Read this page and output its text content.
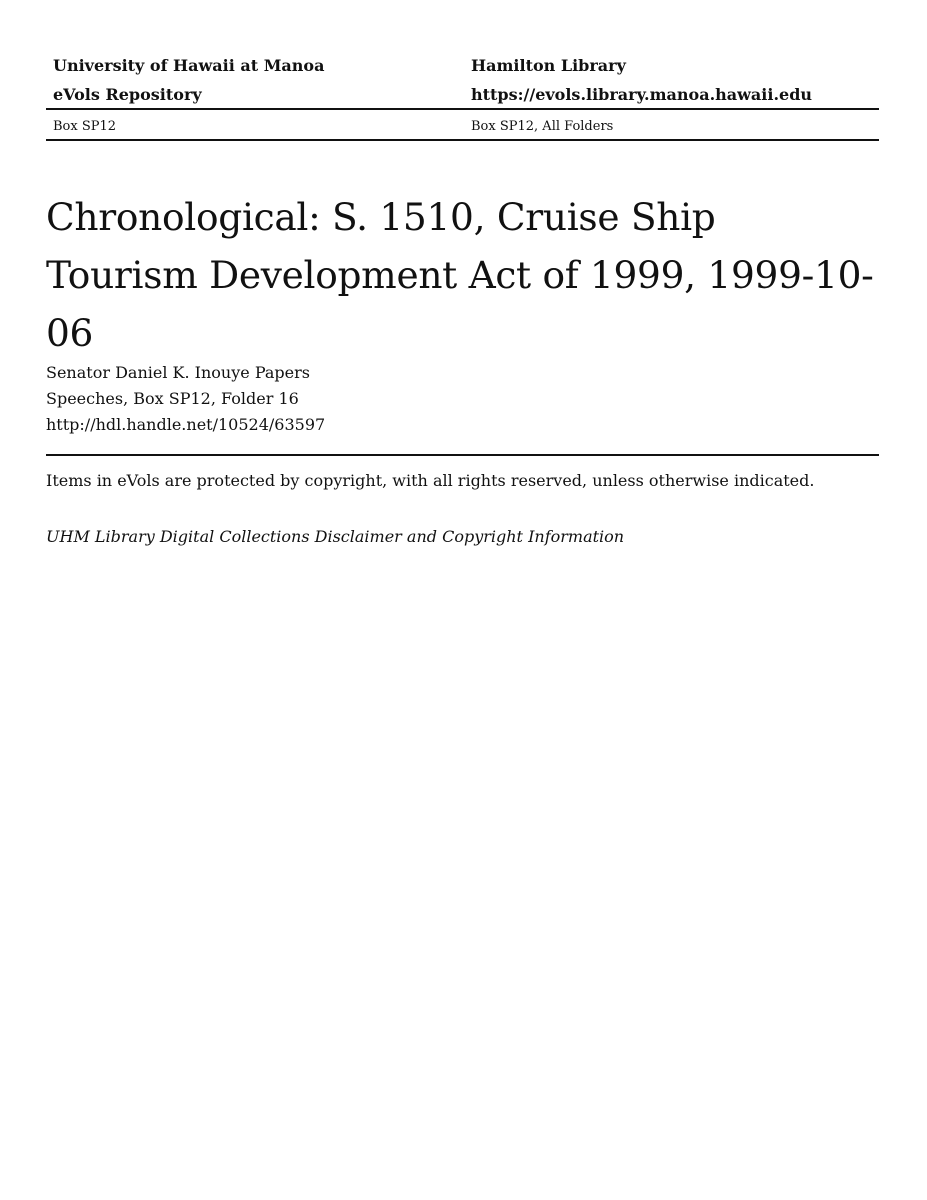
University of Hawaii at Manoa	Hamilton Library
eVols Repository	https://evols.library.manoa.hawaii.edu
Box SP12	Box SP12, All Folders
Chronological: S. 1510, Cruise Ship
Tourism Development Act of 1999, 1999-10-06
Senator Daniel K. Inouye Papers
Speeches, Box SP12, Folder 16
http://hdl.handle.net/10524/63597
Items in eVols are protected by copyright, with all rights reserved, unless otherwise indicated.
UHM Library Digital Collections Disclaimer and Copyright Information
